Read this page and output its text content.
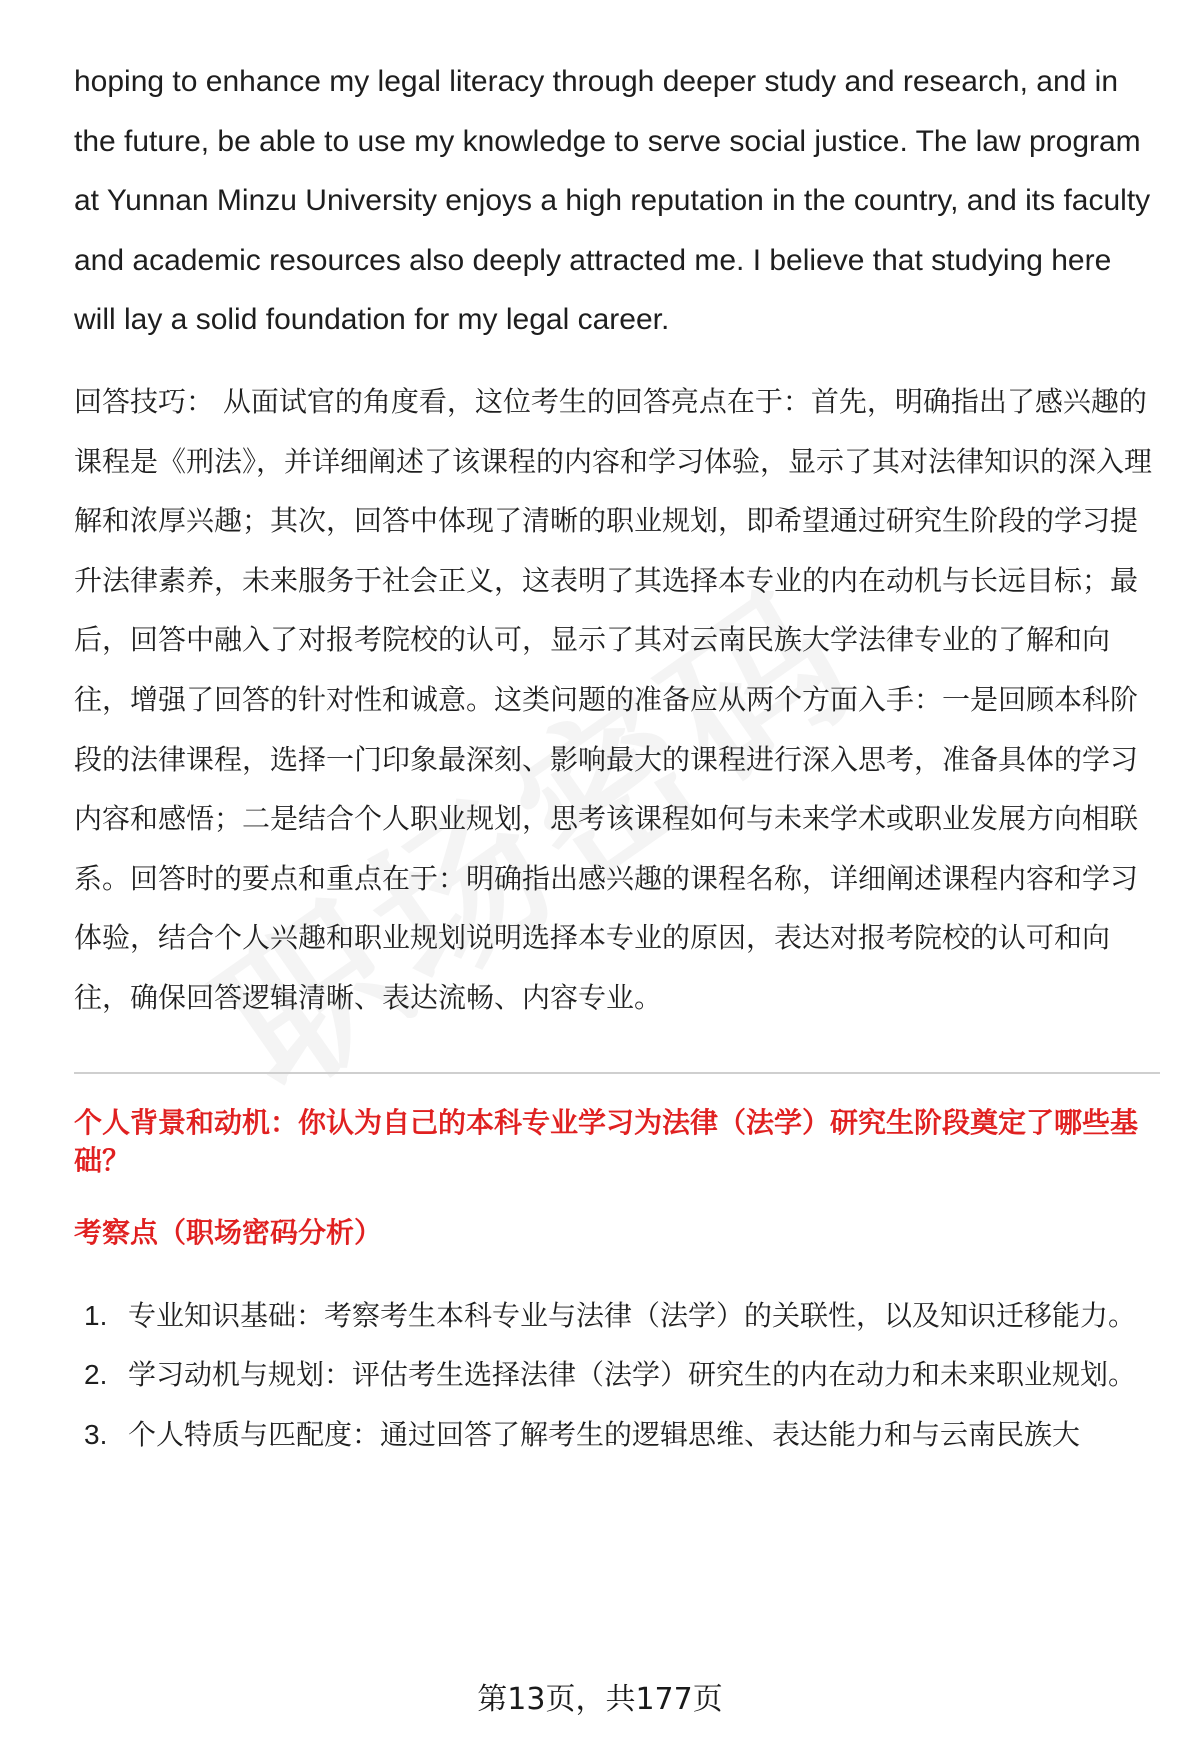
hoping to enhance my legal literacy through deeper study and research, and in the future, be able to use my knowledge to serve social justice. The law program at Yunnan Minzu University enjoys a high reputation in the country, and its faculty and academic resources also deeply attracted me. I believe that studying here will lay a solid foundation for my legal career.

回答技巧： 从面试官的角度看，这位考生的回答亮点在于：首先，明确指出了感兴趣的课程是《刑法》，并详细阐述了该课程的内容和学习体验，显示了其对法律知识的深入理解和浓厚兴趣；其次，回答中体现了清晰的职业规划，即希望通过研究生阶段的学习提升法律素养，未来服务于社会正义，这表明了其选择本专业的内在动机与长远目标；最后，回答中融入了对报考院校的认可，显示了其对云南民族大学法律专业的了解和向往，增强了回答的针对性和诚意。这类问题的准备应从两个方面入手：一是回顾本科阶段的法律课程，选择一门印象最深刻、影响最大的课程进行深入思考，准备具体的学习内容和感悟；二是结合个人职业规划，思考该课程如何与未来学术或职业发展方向相联系。回答时的要点和重点在于：明确指出感兴趣的课程名称，详细阐述课程内容和学习体验，结合个人兴趣和职业规划说明选择本专业的原因，表达对报考院校的认可和向往，确保回答逻辑清晰、表达流畅、内容专业。

个人背景和动机：你认为自己的本科专业学习为法律（法学）研究生阶段奠定了哪些基础？
考察点（职场密码分析）
1. 专业知识基础：考察考生本科专业与法律（法学）的关联性，以及知识迁移能力。
2. 学习动机与规划：评估考生选择法律（法学）研究生的内在动力和未来职业规划。
3. 个人特质与匹配度：通过回答了解考生的逻辑思维、表达能力和与云南民族大
第13页，共177页
